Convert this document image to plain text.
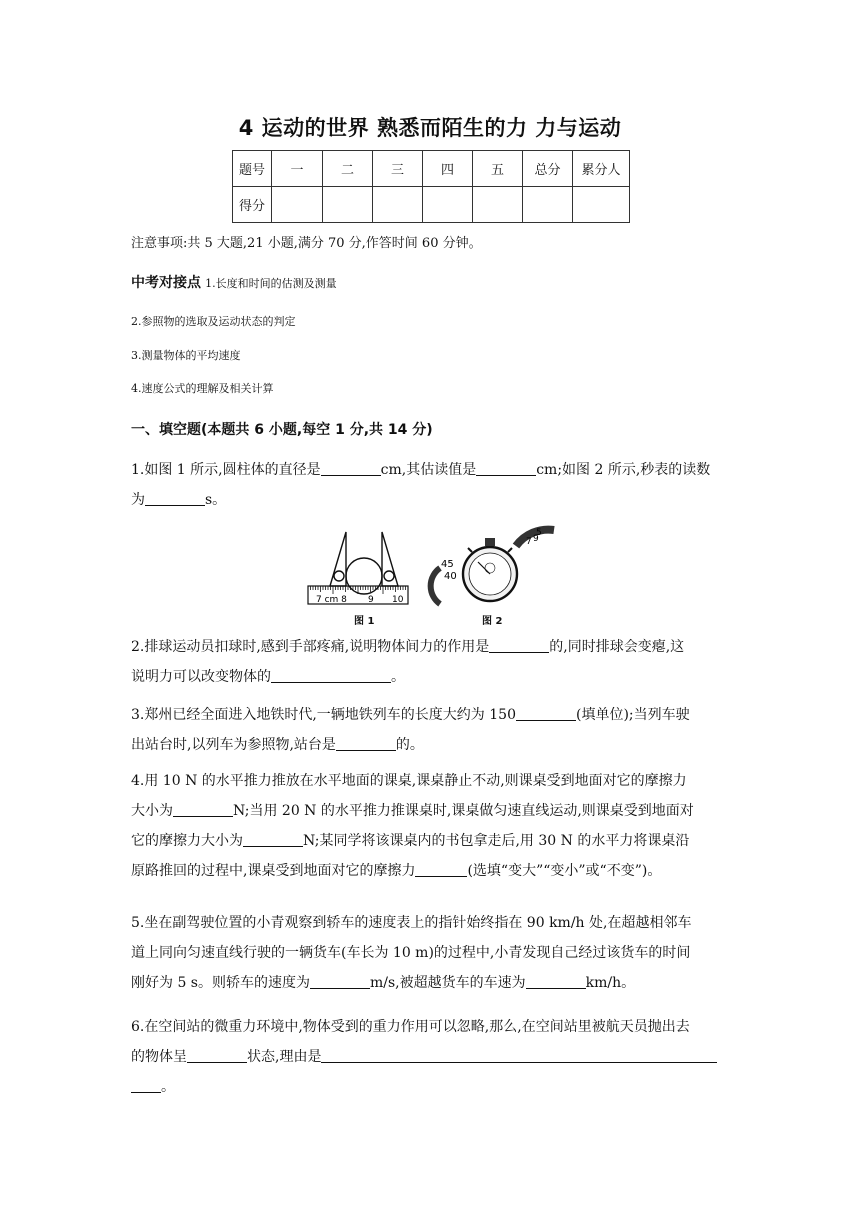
4 运动的世界 熟悉而陌生的力 力与运动
题号	一	二	三	四	五	总分	累分人
得分							
注意事项:共 5 大题,21 小题,满分 70 分,作答时间 60 分钟。
中考对接点 1.长度和时间的估测及测量
2.参照物的选取及运动状态的判定
3.测量物体的平均速度
4.速度公式的理解及相关计算
一、填空题(本题共 6 小题,每空 1 分,共 14 分)
1.如图 1 所示,圆柱体的直径是	cm,其估读值是	cm;如图 2 所示,秒表的读数
为	s。
7 cm 8 9 10
45
40
5
7 9
图 1	图 2
2.排球运动员扣球时,感到手部疼痛,说明物体间力的作用是	的,同时排球会变瘪,这
说明力可以改变物体的	。
3.郑州已经全面进入地铁时代,一辆地铁列车的长度大约为 150	(填单位);当列车驶
出站台时,以列车为参照物,站台是	的。
4.用 10 N 的水平推力推放在水平地面的课桌,课桌静止不动,则课桌受到地面对它的摩擦力
大小为	N;当用 20 N 的水平推力推课桌时,课桌做匀速直线运动,则课桌受到地面对
它的摩擦力大小为	N;某同学将该课桌内的书包拿走后,用 30 N 的水平力将课桌沿
原路推回的过程中,课桌受到地面对它的摩擦力	(选填“变大”“变小”或“不变”)。
5.坐在副驾驶位置的小青观察到轿车的速度表上的指针始终指在 90 km/h 处,在超越相邻车
道上同向匀速直线行驶的一辆货车(车长为 10 m)的过程中,小青发现自己经过该货车的时间
刚好为 5 s。则轿车的速度为	m/s,被超越货车的车速为	km/h。
6.在空间站的微重力环境中,物体受到的重力作用可以忽略,那么,在空间站里被航天员抛出去
的物体呈	状态,理由是
。
